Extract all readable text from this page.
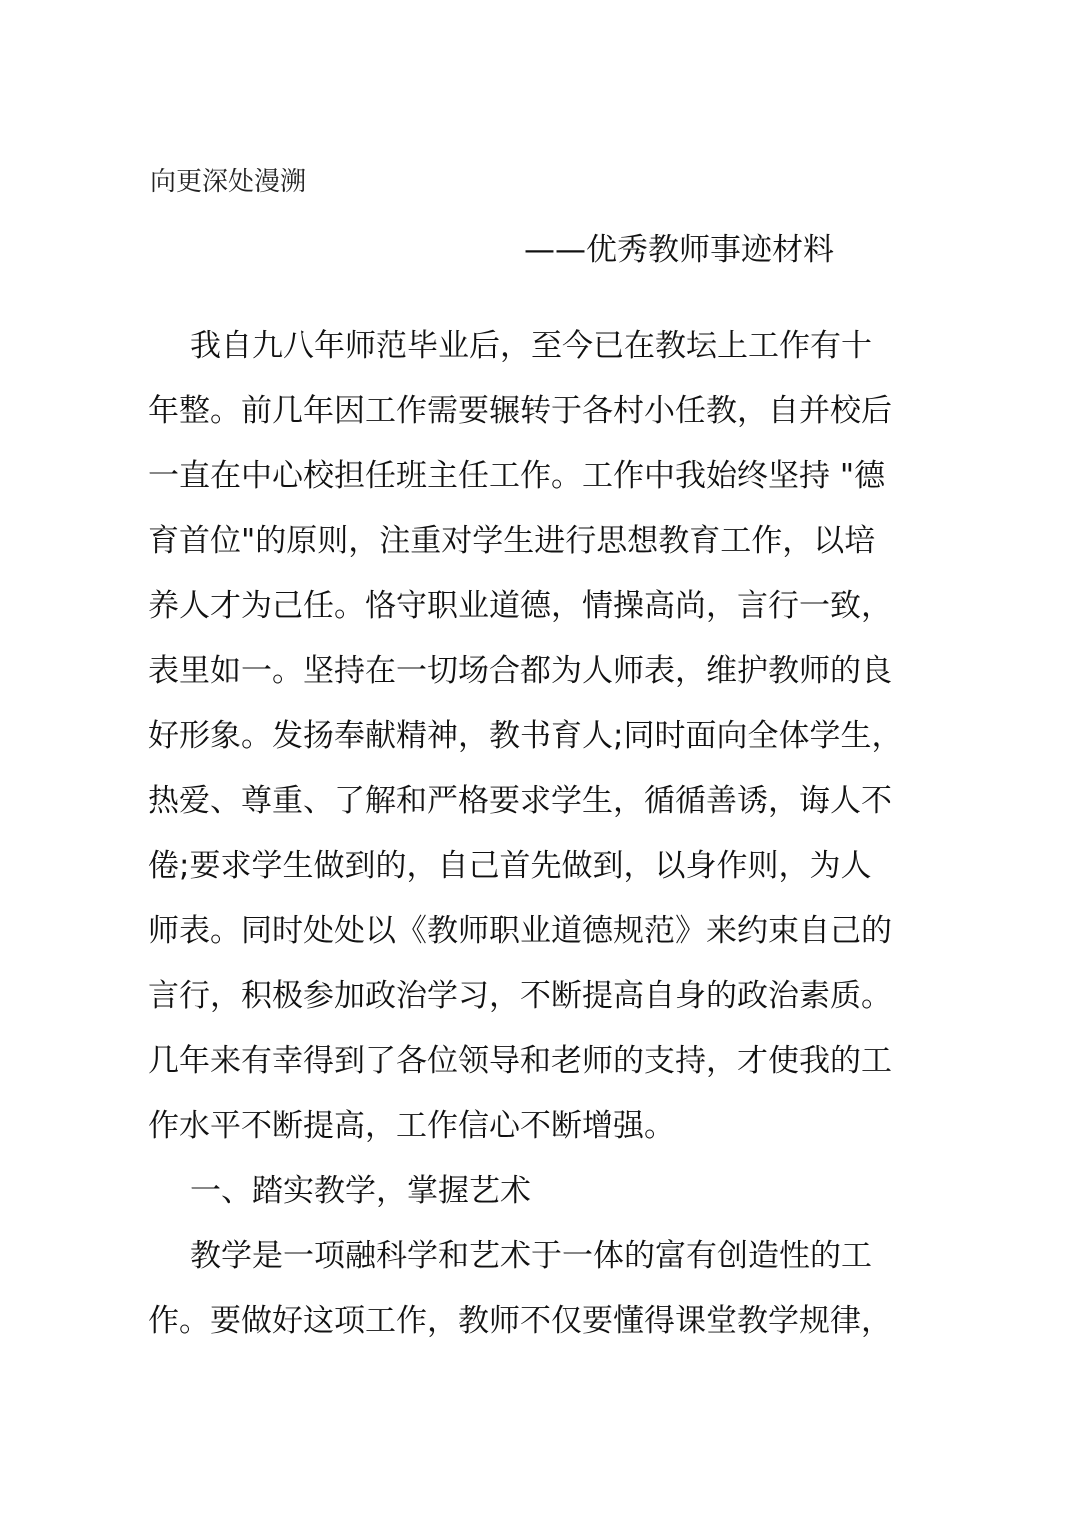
向更深处漫溯
——优秀教师事迹材料
我自九八年师范毕业后，至今已在教坛上工作有十
年整。前几年因工作需要辗转于各村小任教，自并校后
一直在中心校担任班主任工作。工作中我始终坚持 "德
育首位"的原则，注重对学生进行思想教育工作，以培
养人才为己任。恪守职业道德，情操高尚，言行一致，
表里如一。坚持在一切场合都为人师表，维护教师的良
好形象。发扬奉献精神，教书育人;同时面向全体学生，
热爱、尊重、了解和严格要求学生，循循善诱，诲人不
倦;要求学生做到的，自己首先做到，以身作则，为人
师表。同时处处以《教师职业道德规范》来约束自己的
言行，积极参加政治学习，不断提高自身的政治素质。
几年来有幸得到了各位领导和老师的支持，才使我的工
作水平不断提高，工作信心不断增强。
一、踏实教学，掌握艺术
教学是一项融科学和艺术于一体的富有创造性的工
作。要做好这项工作，教师不仅要懂得课堂教学规律，
